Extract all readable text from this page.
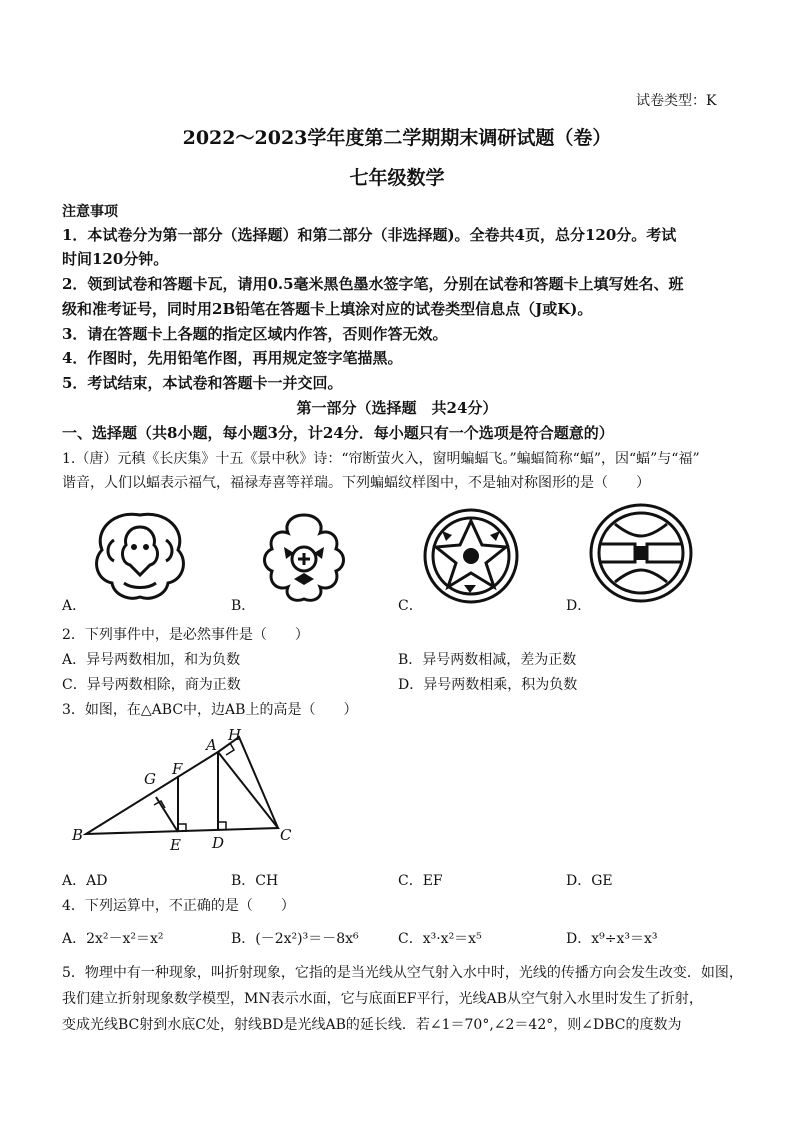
试卷类型：K
2022～2023学年度第二学期期末调研试题（卷）
七年级数学
注意事项
1．本试卷分为第一部分（选择题）和第二部分（非选择题)。全卷共4页，总分120分。考试
时间120分钟。
2．领到试卷和答题卡瓦，请用0.5毫米黑色墨水签字笔，分别在试卷和答题卡上填写姓名、班
级和准考证号，同时用2B铅笔在答题卡上填涂对应的试卷类型信息点（J或K)。
3．请在答题卡上各题的指定区域内作答，否则作答无效。
4．作图时，先用铅笔作图，再用规定签字笔描黑。
5．考试结束，本试卷和答题卡一并交回。
第一部分（选择题　共24分）
一、选择题（共8小题，每小题3分，计24分．每小题只有一个选项是符合题意的）
1.（唐）元稹《长庆集》十五《景中秋》诗：“帘断萤火入，窗明蝙蝠飞。”蝙蝠简称“蝠”，因“蝠”与“福”
谐音，人们以蝠表示福气，福禄寿喜等祥瑞。下列蝙蝠纹样图中，不是轴对称图形的是（　　）
A．	B．	C．	D．
2．下列事件中，是必然事件是（　　）
A．异号两数相加，和为负数	B．异号两数相减，差为正数
C．异号两数相除，商为正数	D．异号两数相乘，积为负数
3．如图，在△ABC中，边AB上的高是（　　）
B
A
H
C
D
E
F
G
A．AD	B．CH	C．EF	D．GE
4．下列运算中，不正确的是（　　）
A．2x²－x²＝x²	B．(－2x²)³＝－8x⁶	C．x³·x²＝x⁵	D．x⁹÷x³＝x³
5．物理中有一种现象，叫折射现象，它指的是当光线从空气射入水中时，光线的传播方向会发生改变．如图，
我们建立折射现象数学模型，MN表示水面，它与底面EF平行，光线AB从空气射入水里时发生了折射，
变成光线BC射到水底C处，射线BD是光线AB的延长线．若∠1＝70°,∠2＝42°，则∠DBC的度数为
